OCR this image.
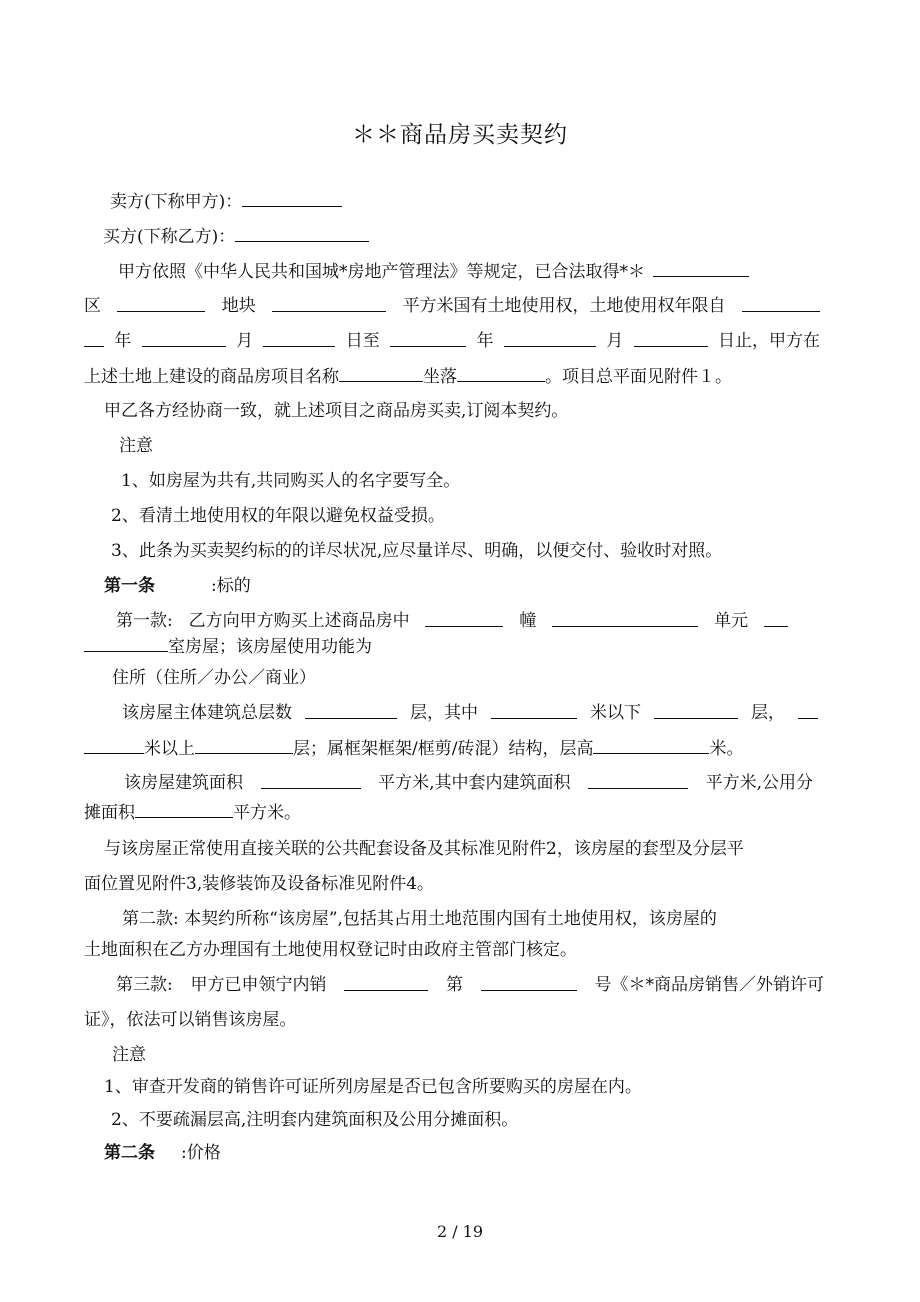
＊＊商品房买卖契约
卖方(下称甲方)：
买方(下称乙方)：
甲方依照《中华人民共和国城*房地产管理法》等规定，已合法取得*＊
区	地块	平方米国有土地使用权，土地使用权年限自
年	月	日至	年	月	日止，甲方在
上述土地上建设的商品房项目名称	坐落	。项目总平面见附件１。
甲乙各方经协商一致，就上述项目之商品房买卖,订阅本契约。
注意
1、如房屋为共有,共同购买人的名字要写全。
2、看清土地使用权的年限以避免权益受损。
3、此条为买卖契约标的的详尽状况,应尽量详尽、明确，以便交付、验收时对照。
第一条	:标的
第一款: 乙方向甲方购买上述商品房中	幢	单元
室房屋；该房屋使用功能为
住所（住所／办公／商业）
该房屋主体建筑总层数	层，其中	米以下	层，
米以上	层；属框架框架/框剪/砖混）结构，层高	米。
该房屋建筑面积	平方米,其中套内建筑面积	平方米,公用分
摊面积	平方米。
与该房屋正常使用直接关联的公共配套设备及其标准见附件2，该房屋的套型及分层平
面位置见附件3,装修装饰及设备标准见附件4。
第二款: 本契约所称“该房屋”,包括其占用土地范围内国有土地使用权，该房屋的
土地面积在乙方办理国有土地使用权登记时由政府主管部门核定。
第三款: 甲方已申领宁内销	第	号《＊*商品房销售／外销许可
证》，依法可以销售该房屋。
注意
1、审查开发商的销售许可证所列房屋是否已包含所要购买的房屋在内。
2、不要疏漏层高,注明套内建筑面积及公用分摊面积。
第二条 :价格
2 / 19
